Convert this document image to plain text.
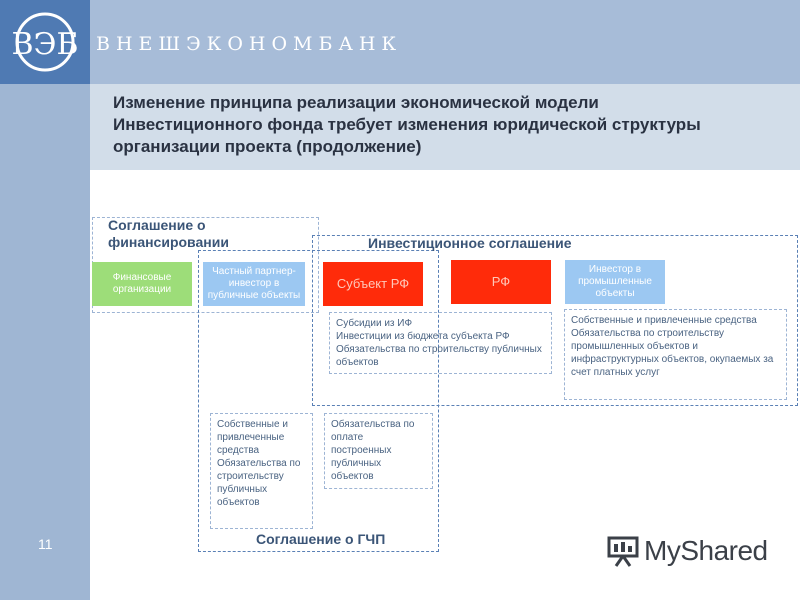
ВЭБ ВНЕШЭКОНОМБАНК
Изменение принципа реализации экономической модели Инвестиционного фонда требует изменения юридической структуры организации проекта (продолжение)
Соглашение о финансировании	Инвестиционное соглашение
Соглашение о ГЧП
Финансовые организации
Частный партнер-инвестор в публичные объекты
Субъект РФ	РФ
Инвестор в промышленные объекты
Субсидии из ИФ
Инвестиции из бюджета субъекта РФ
Обязательства по строительству публичных объектов
Собственные и привлеченные средства
Обязательства по строительству промышленных объектов и инфраструктурных объектов, окупаемых за счет платных услуг
Собственные и привлеченные средства
Обязательства по строительству публичных объектов
Обязательства по оплате построенных публичных объектов
11	MyShared
